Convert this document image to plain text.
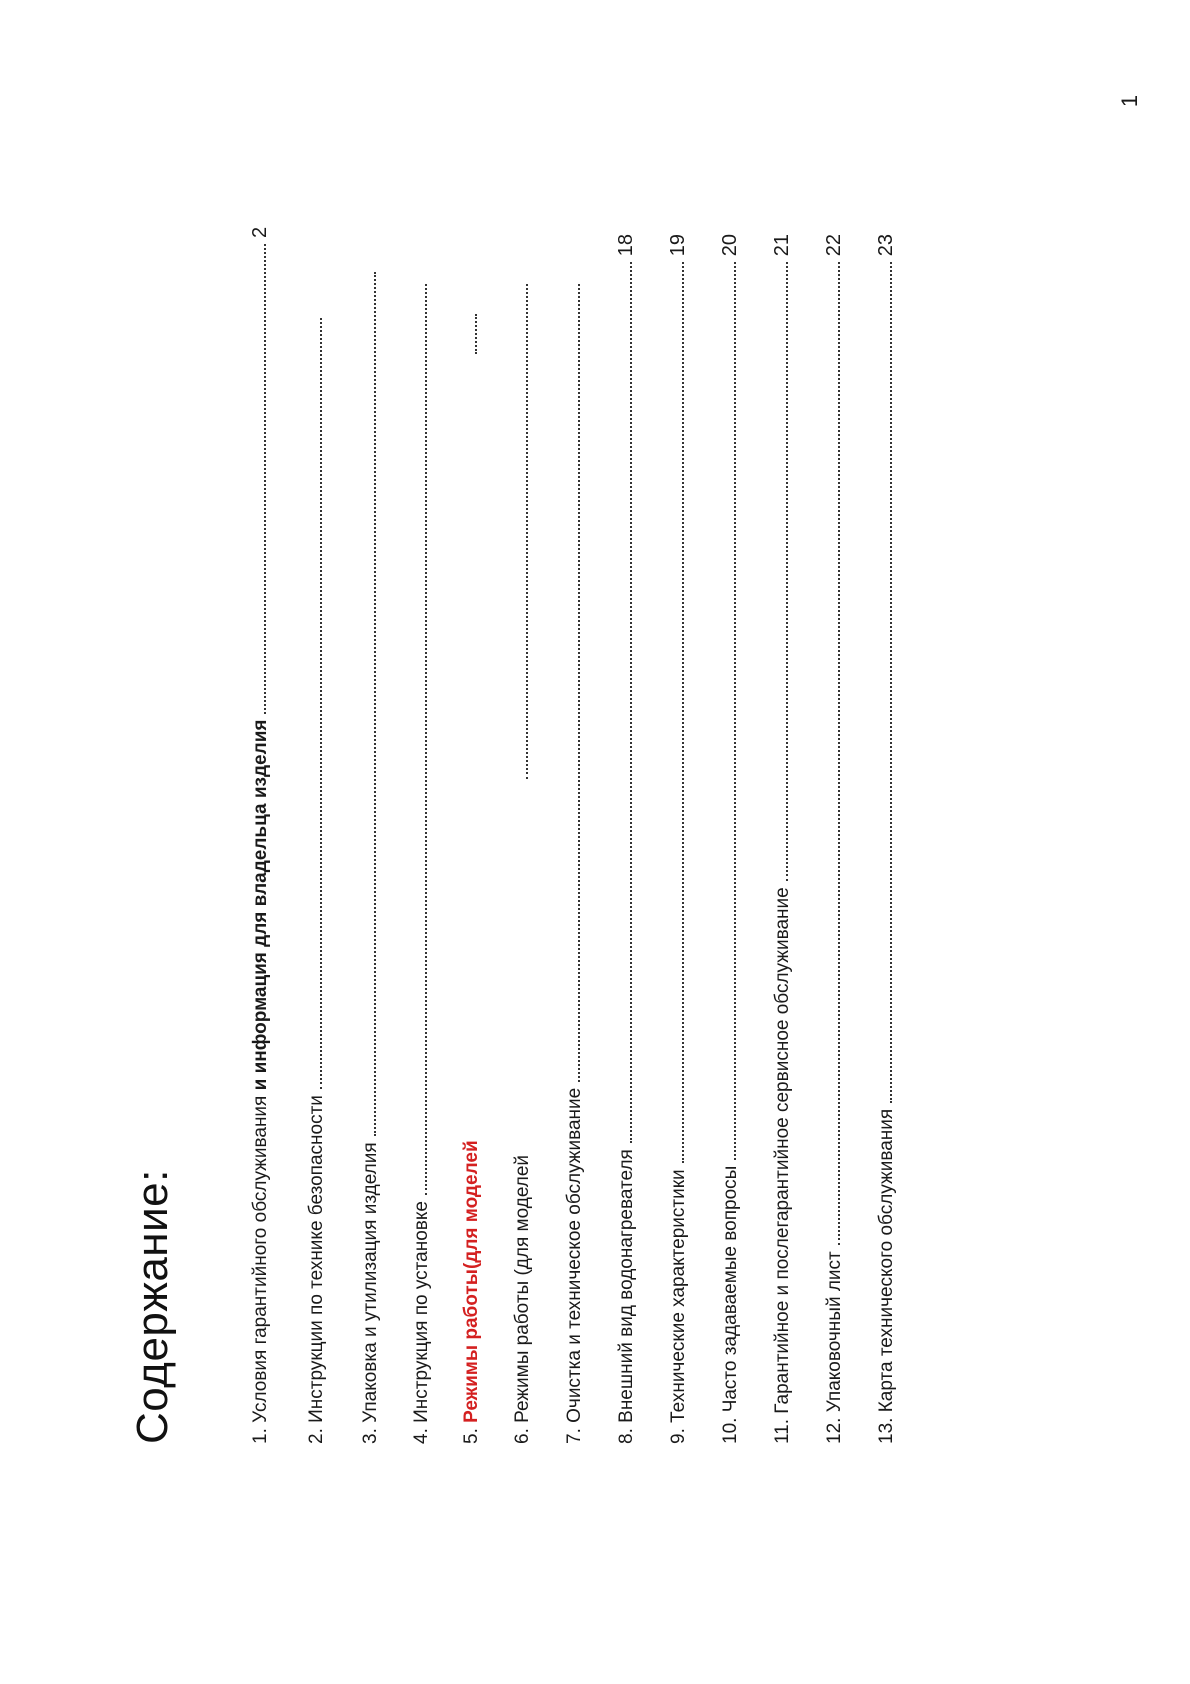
1
Содержание:	1. Условия гарантийного обслуживания и информация для владельца изделия
2
2. Инструкции по технике безопасности
3. Упаковка и утилизация изделия
4. Инструкция по установке
5. Режимы работы(для моделей
6. Режимы работы (для моделей
7. Очистка и техническое обслуживание
8. Внешний вид водонагревателя
18
9. Технические характеристики
19
10. Часто задаваемые вопросы
20
11. Гарантийное и послегарантийное сервисное обслуживание
21
12. Упаковочный лист
22
13. Карта технического обслуживания
23
